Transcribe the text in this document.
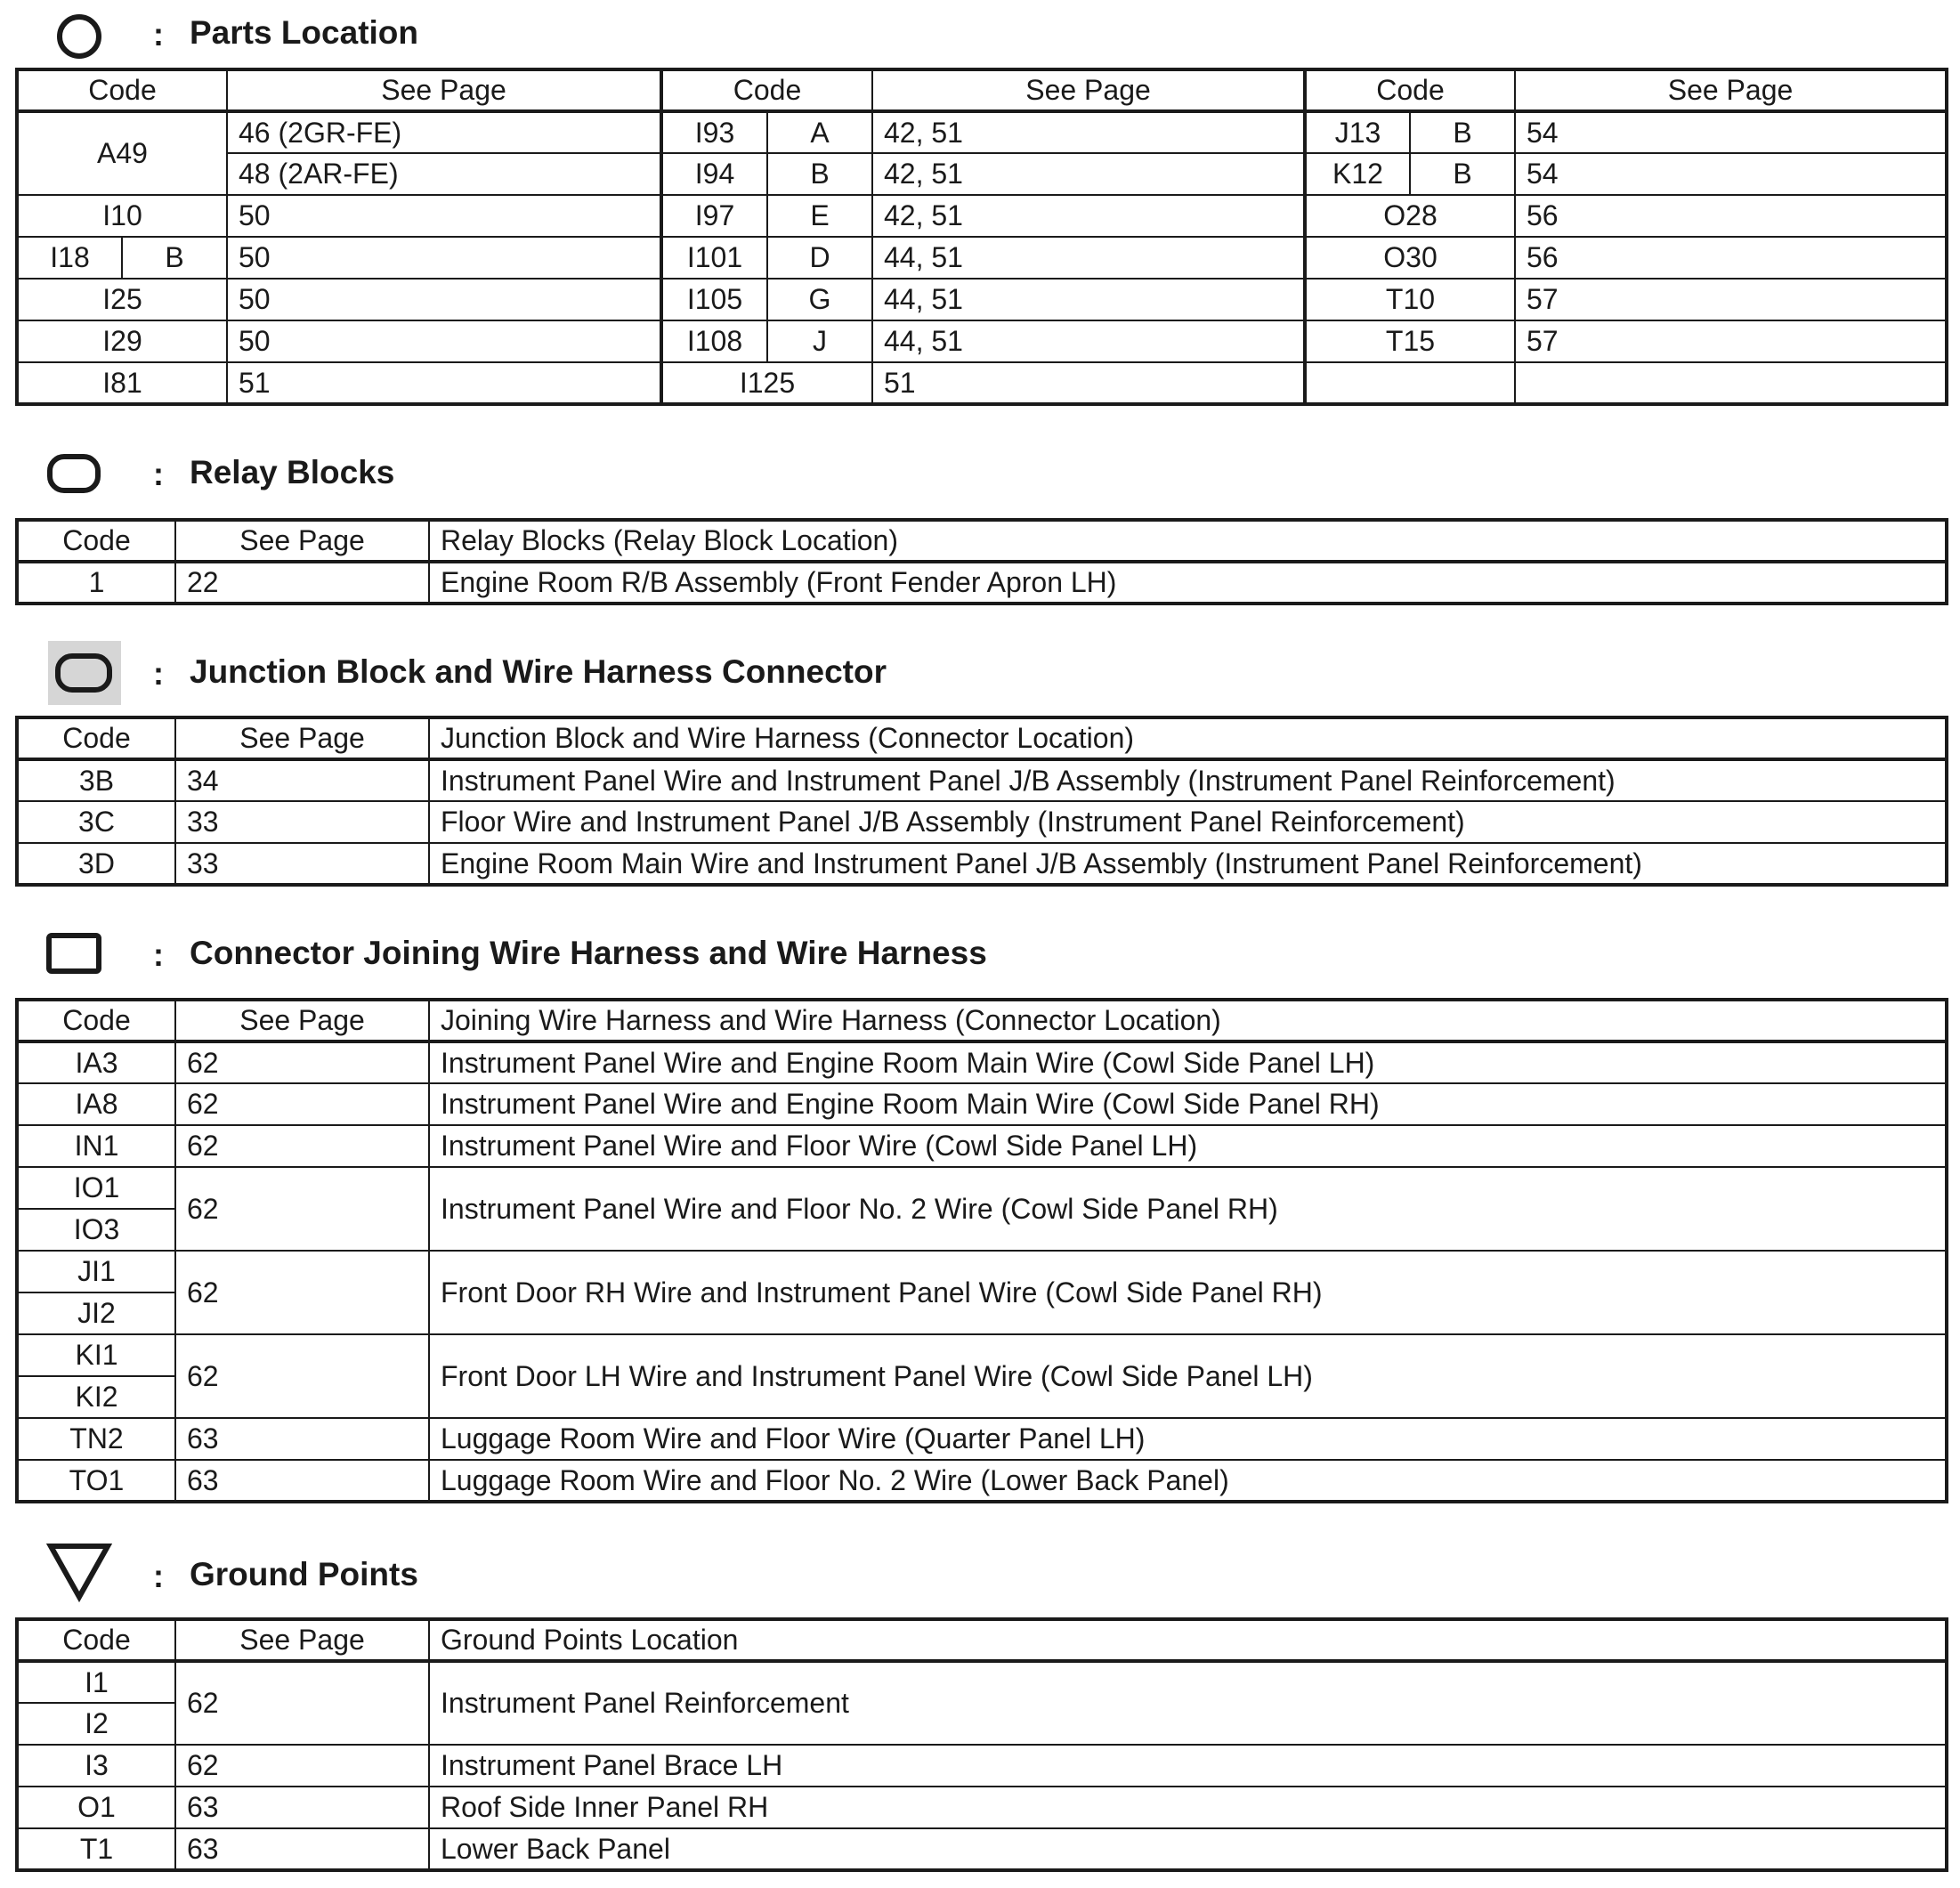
: Parts Location
Code		See Page	Code		See Page	Code		See Page
A49		46 (2GR-FE)	I93	A	42, 51	J13	B	54
		48 (2AR-FE)	I94	B	42, 51	K12	B	54
I10		50	I97	E	42, 51	O28		56
I18	B	50	I101	D	44, 51	O30		56
I25		50	I105	G	44, 51	T10		57
I29		50	I108	J	44, 51	T15		57
I81		51	I125		51			
: Relay Blocks
Code	See Page	Relay Blocks (Relay Block Location)
1	22	Engine Room R/B Assembly (Front Fender Apron LH)
: Junction Block and Wire Harness Connector
Code	See Page	Junction Block and Wire Harness (Connector Location)
3B	34	Instrument Panel Wire and Instrument Panel J/B Assembly (Instrument Panel Reinforcement)
3C	33	Floor Wire and Instrument Panel J/B Assembly (Instrument Panel Reinforcement)
3D	33	Engine Room Main Wire and Instrument Panel J/B Assembly (Instrument Panel Reinforcement)
: Connector Joining Wire Harness and Wire Harness
Code	See Page	Joining Wire Harness and Wire Harness (Connector Location)
IA3	62	Instrument Panel Wire and Engine Room Main Wire (Cowl Side Panel LH)
IA8	62	Instrument Panel Wire and Engine Room Main Wire (Cowl Side Panel RH)
IN1	62	Instrument Panel Wire and Floor Wire (Cowl Side Panel LH)
IO1	62	Instrument Panel Wire and Floor No. 2 Wire (Cowl Side Panel RH)
IO3		
JI1	62	Front Door RH Wire and Instrument Panel Wire (Cowl Side Panel RH)
JI2		
KI1	62	Front Door LH Wire and Instrument Panel Wire (Cowl Side Panel LH)
KI2		
TN2	63	Luggage Room Wire and Floor Wire (Quarter Panel LH)
TO1	63	Luggage Room Wire and Floor No. 2 Wire (Lower Back Panel)
: Ground Points
Code	See Page	Ground Points Location
I1	62	Instrument Panel Reinforcement
I2		
I3	62	Instrument Panel Brace LH
O1	63	Roof Side Inner Panel RH
T1	63	Lower Back Panel
